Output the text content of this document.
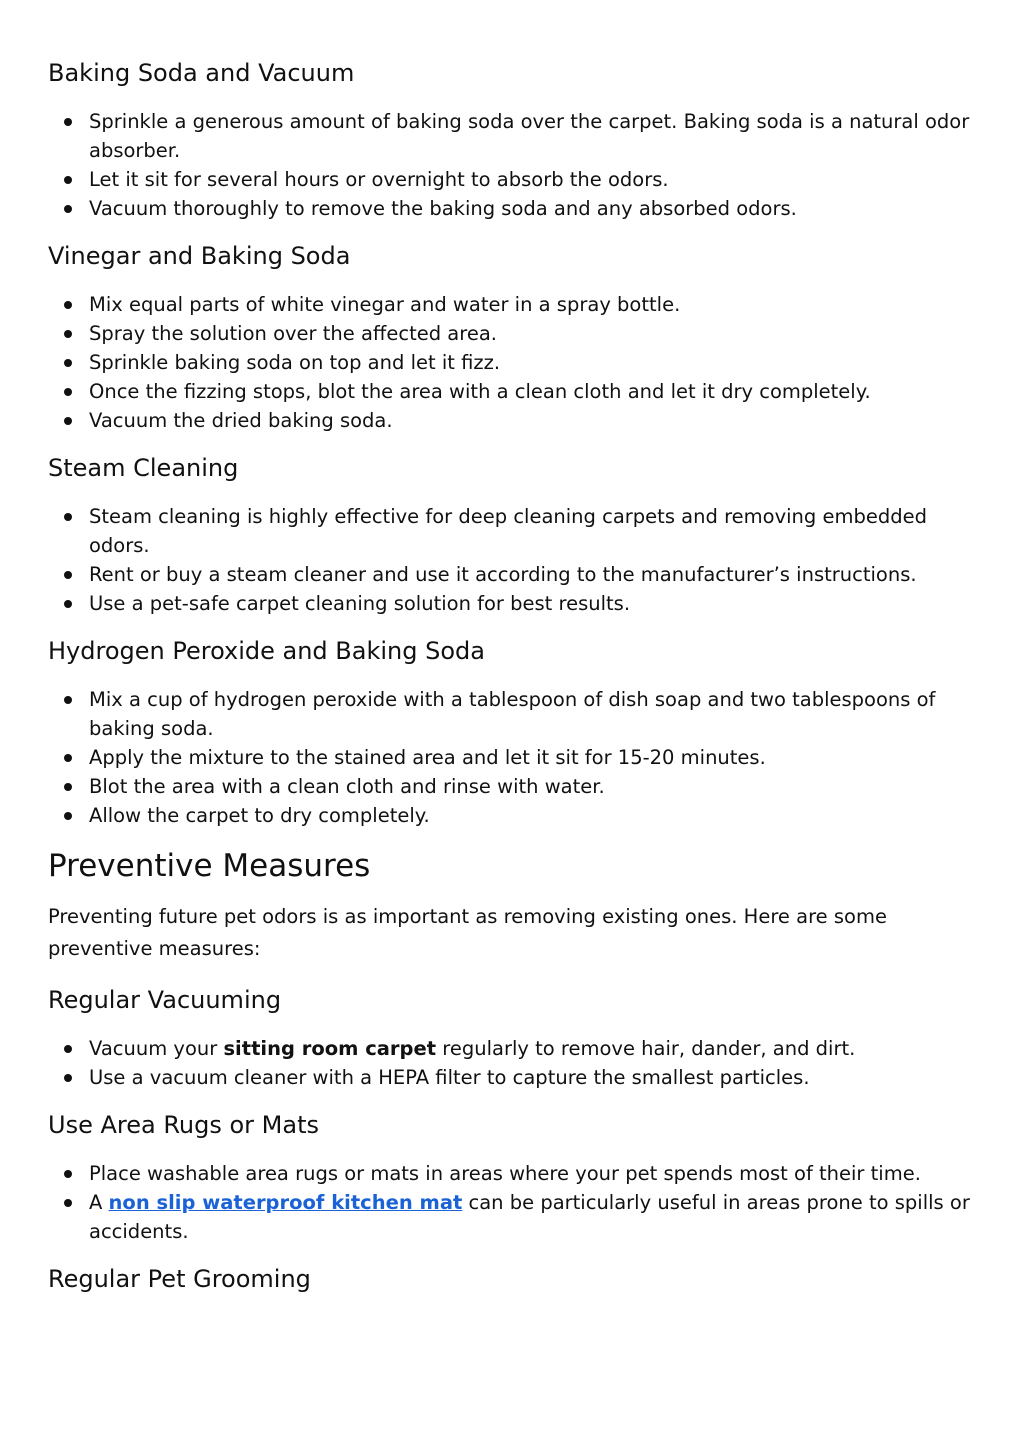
Baking Soda and Vacuum
Sprinkle a generous amount of baking soda over the carpet. Baking soda is a natural odor absorber.
Let it sit for several hours or overnight to absorb the odors.
Vacuum thoroughly to remove the baking soda and any absorbed odors.
Vinegar and Baking Soda
Mix equal parts of white vinegar and water in a spray bottle.
Spray the solution over the affected area.
Sprinkle baking soda on top and let it fizz.
Once the fizzing stops, blot the area with a clean cloth and let it dry completely.
Vacuum the dried baking soda.
Steam Cleaning
Steam cleaning is highly effective for deep cleaning carpets and removing embedded odors.
Rent or buy a steam cleaner and use it according to the manufacturer’s instructions.
Use a pet-safe carpet cleaning solution for best results.
Hydrogen Peroxide and Baking Soda
Mix a cup of hydrogen peroxide with a tablespoon of dish soap and two tablespoons of baking soda.
Apply the mixture to the stained area and let it sit for 15-20 minutes.
Blot the area with a clean cloth and rinse with water.
Allow the carpet to dry completely.
Preventive Measures

Preventing future pet odors is as important as removing existing ones. Here are some preventive measures:

Regular Vacuuming
Vacuum your sitting room carpet regularly to remove hair, dander, and dirt.
Use a vacuum cleaner with a HEPA filter to capture the smallest particles.
Use Area Rugs or Mats
Place washable area rugs or mats in areas where your pet spends most of their time.
A non slip waterproof kitchen mat can be particularly useful in areas prone to spills or accidents.
Regular Pet Grooming
